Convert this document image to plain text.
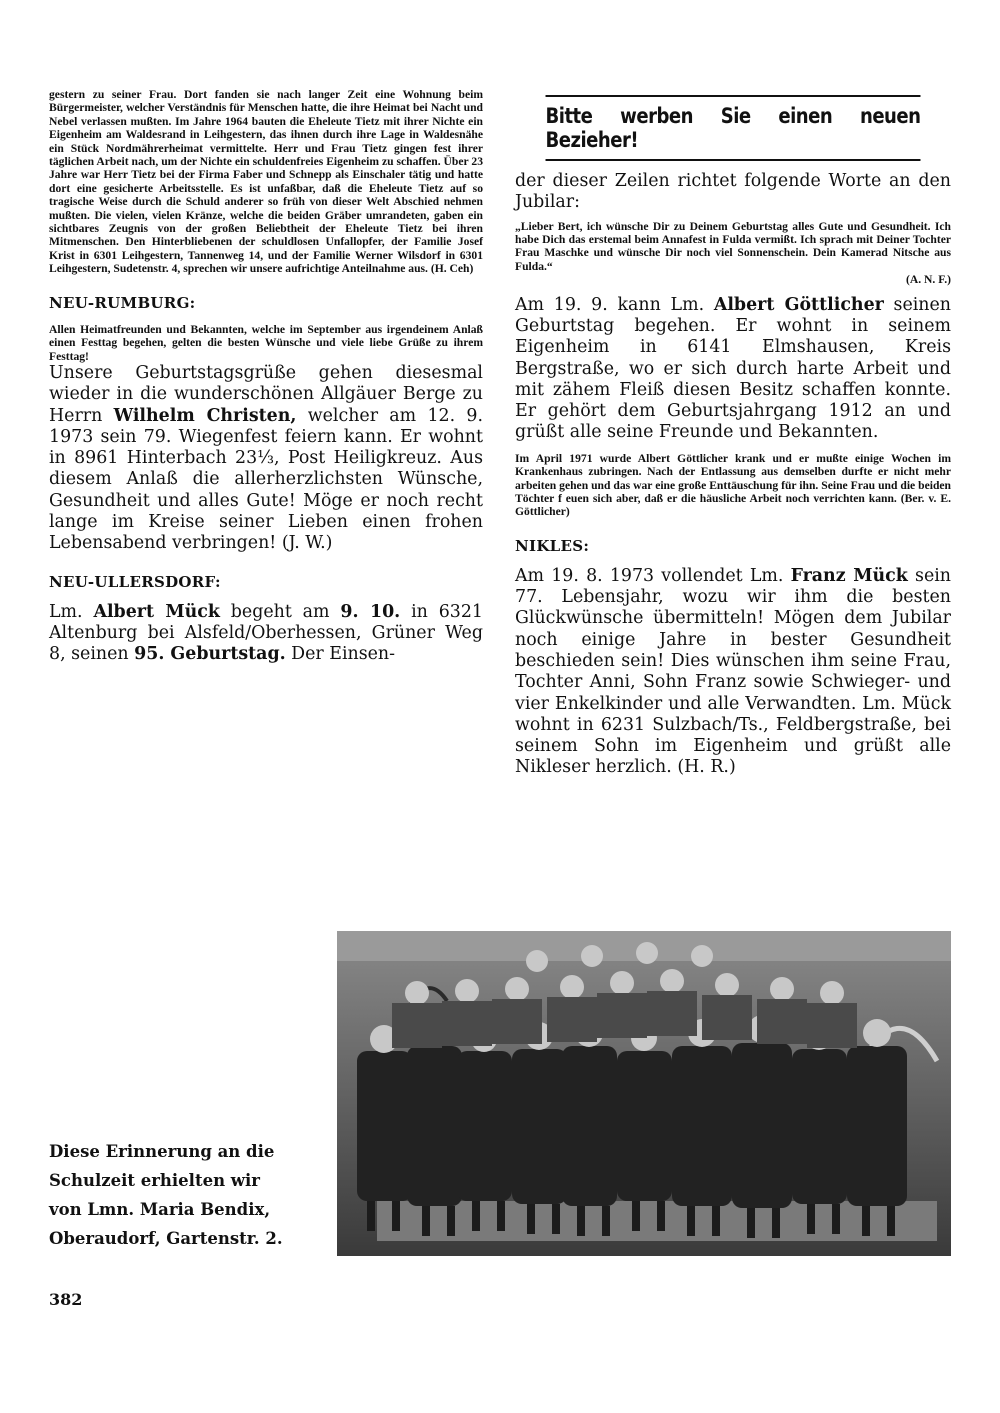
gestern zu seiner Frau. Dort fanden sie nach langer Zeit eine Wohnung beim Bürgermeister, welcher Verständnis für Menschen hatte, die ihre Heimat bei Nacht und Nebel verlassen mußten. Im Jahre 1964 bauten die Eheleute Tietz mit ihrer Nichte ein Eigenheim am Waldesrand in Leihgestern, das ihnen durch ihre Lage in Waldesnähe ein Stück Nordmährerheimat vermittelte. Herr und Frau Tietz gingen fest ihrer täglichen Arbeit nach, um der Nichte ein schuldenfreies Eigenheim zu schaffen. Über 23 Jahre war Herr Tietz bei der Firma Faber und Schnepp als Einschaler tätig und hatte dort eine gesicherte Arbeitsstelle. Es ist unfaßbar, daß die Eheleute Tietz auf so tragische Weise durch die Schuld anderer so früh von dieser Welt Abschied nehmen mußten. Die vielen, vielen Kränze, welche die beiden Gräber umrandeten, gaben ein sichtbares Zeugnis von der großen Beliebtheit der Eheleute Tietz bei ihren Mitmenschen. Den Hinterbliebenen der schuldlosen Unfallopfer, der Familie Josef Krist in 6301 Leihgestern, Tannenweg 14, und der Familie Werner Wilsdorf in 6301 Leihgestern, Sudetenstr. 4, sprechen wir unsere aufrichtige Anteilnahme aus. (H. Ceh)

NEU-RUMBURG:

Allen Heimatfreunden und Bekannten, welche im September aus irgendeinem Anlaß einen Festtag begehen, gelten die besten Wünsche und viele liebe Grüße zu ihrem Festtag!

Unsere Geburtstagsgrüße gehen diesesmal wieder in die wunderschönen Allgäuer Berge zu Herrn Wilhelm Christen, welcher am 12. 9. 1973 sein 79. Wiegenfest feiern kann. Er wohnt in 8961 Hinterbach 23⅓, Post Heiligkreuz. Aus diesem Anlaß die allerherzlichsten Wünsche, Gesundheit und alles Gute! Möge er noch recht lange im Kreise seiner Lieben einen frohen Lebensabend verbringen! (J. W.)

NEU-ULLERSDORF:

Lm. Albert Mück begeht am 9. 10. in 6321 Altenburg bei Alsfeld/Oberhessen, Grüner Weg 8, seinen 95. Geburtstag. Der Einsen-

Bitte werben Sie einen neuen Bezieher!

der dieser Zeilen richtet folgende Worte an den Jubilar:

„Lieber Bert, ich wünsche Dir zu Deinem Geburtstag alles Gute und Gesundheit. Ich habe Dich das erstemal beim Annafest in Fulda vermißt. Ich sprach mit Deiner Tochter Frau Maschke und wünsche Dir noch viel Sonnenschein. Dein Kamerad Nitsche aus Fulda.“

(A. N. F.)

Am 19. 9. kann Lm. Albert Göttlicher seinen Geburtstag begehen. Er wohnt in seinem Eigenheim in 6141 Elmshausen, Kreis Bergstraße, wo er sich durch harte Arbeit und mit zähem Fleiß diesen Besitz schaffen konnte. Er gehört dem Geburtsjahrgang 1912 an und grüßt alle seine Freunde und Bekannten.

Im April 1971 wurde Albert Göttlicher krank und er mußte einige Wochen im Krankenhaus zubringen. Nach der Entlassung aus demselben durfte er nicht mehr arbeiten gehen und das war eine große Enttäuschung für ihn. Seine Frau und die beiden Töchter f euen sich aber, daß er die häusliche Arbeit noch verrichten kann. (Ber. v. E. Göttlicher)

NIKLES:

Am 19. 8. 1973 vollendet Lm. Franz Mück sein 77. Lebensjahr, wozu wir ihm die besten Glückwünsche übermitteln! Mögen dem Jubilar noch einige Jahre in bester Gesundheit beschieden sein! Dies wünschen ihm seine Frau, Tochter Anni, Sohn Franz sowie Schwieger- und vier Enkelkinder und alle Verwandten. Lm. Mück wohnt in 6231 Sulzbach/Ts., Feldbergstraße, bei seinem Sohn im Eigenheim und grüßt alle Nikleser herzlich. (H. R.)

Diese Erinnerung an die
Schulzeit erhielten wir
von Lmn. Maria Bendix,
Oberaudorf, Gartenstr. 2.
382
